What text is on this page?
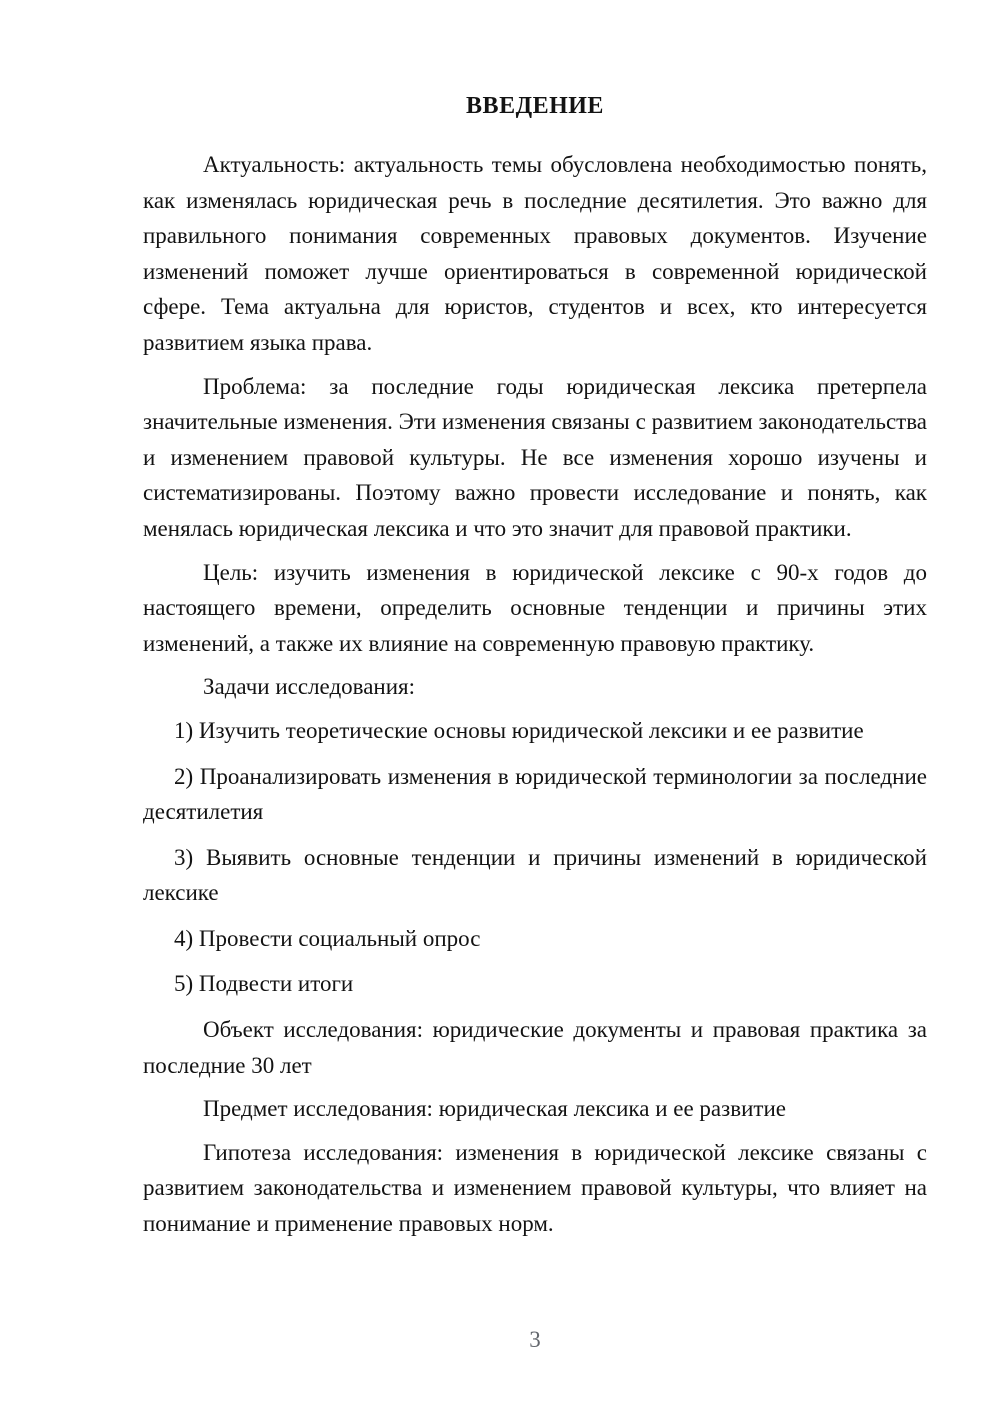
ВВЕДЕНИЕ

Актуальность: актуальность темы обусловлена необходимостью понять, как изменялась юридическая речь в последние десятилетия. Это важно для правильного понимания современных правовых документов. Изучение изменений поможет лучше ориентироваться в современной юридической сфере. Тема актуальна для юристов, студентов и всех, кто интересуется развитием языка права.

Проблема: за последние годы юридическая лексика претерпела значительные изменения. Эти изменения связаны с развитием законодательства и изменением правовой культуры. Не все изменения хорошо изучены и систематизированы. Поэтому важно провести исследование и понять, как менялась юридическая лексика и что это значит для правовой практики.

Цель: изучить изменения в юридической лексике с 90-х годов до настоящего времени, определить основные тенденции и причины этих изменений, а также их влияние на современную правовую практику.

Задачи исследования:

1) Изучить теоретические основы юридической лексики и ее развитие

2) Проанализировать изменения в юридической терминологии за последние десятилетия

3) Выявить основные тенденции и причины изменений в юридической лексике

4) Провести социальный опрос

5) Подвести итоги

Объект исследования: юридические документы и правовая практика за последние 30 лет

Предмет исследования: юридическая лексика и ее развитие

Гипотеза исследования: изменения в юридической лексике связаны с развитием законодательства и изменением правовой культуры, что влияет на понимание и применение правовых норм.

3
